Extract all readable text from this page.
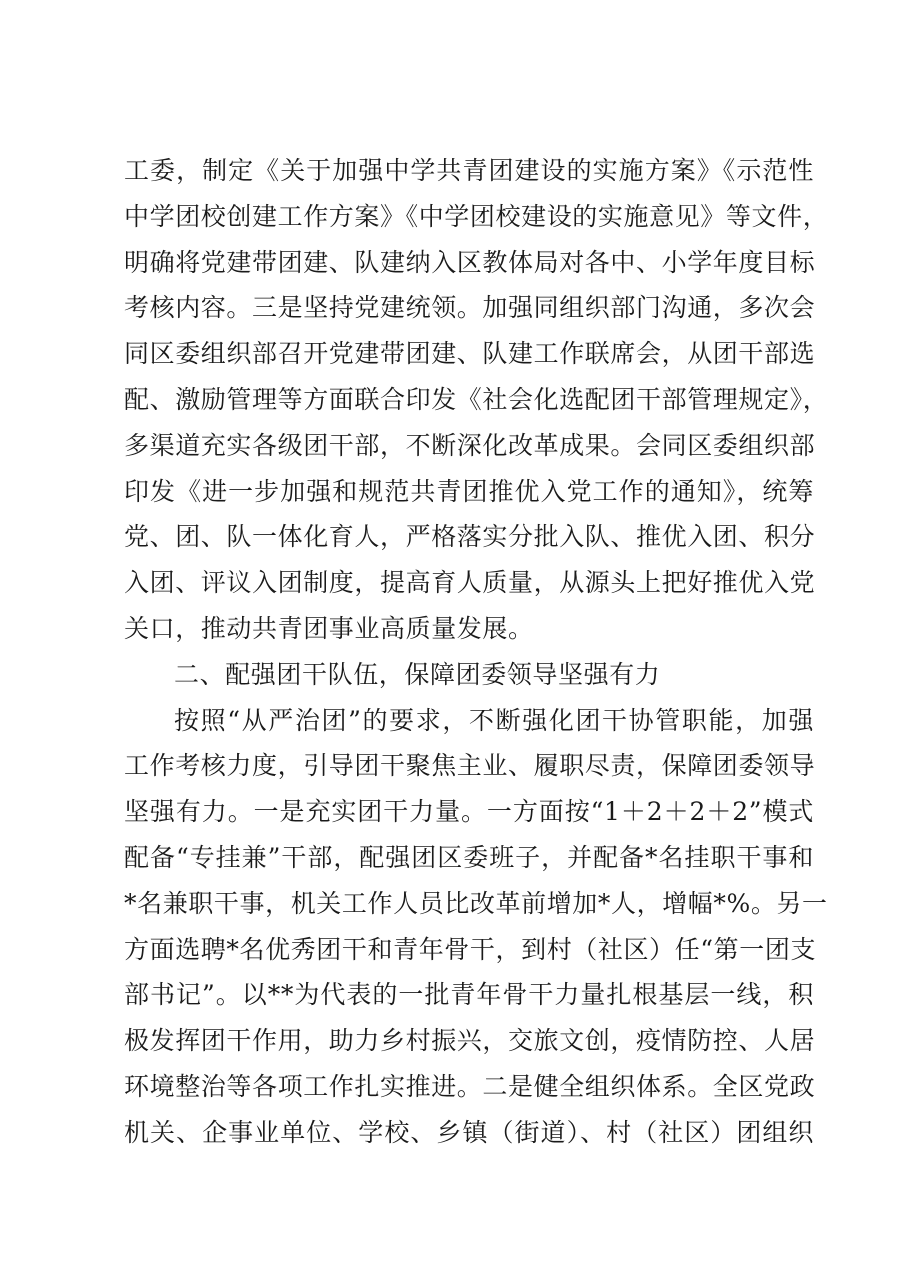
工委，制定《关于加强中学共青团建设的实施方案》《示范性
中学团校创建工作方案》《中学团校建设的实施意见》等文件，
明确将党建带团建、队建纳入区教体局对各中、小学年度目标
考核内容。三是坚持党建统领。加强同组织部门沟通，多次会
同区委组织部召开党建带团建、队建工作联席会，从团干部选
配、激励管理等方面联合印发《社会化选配团干部管理规定》，
多渠道充实各级团干部，不断深化改革成果。会同区委组织部
印发《进一步加强和规范共青团推优入党工作的通知》，统筹
党、团、队一体化育人，严格落实分批入队、推优入团、积分
入团、评议入团制度，提高育人质量，从源头上把好推优入党
关口，推动共青团事业高质量发展。
二、配强团干队伍，保障团委领导坚强有力
按照“从严治团”的要求，不断强化团干协管职能，加强
工作考核力度，引导团干聚焦主业、履职尽责，保障团委领导
坚强有力。一是充实团干力量。一方面按“1＋2＋2＋2”模式
配备“专挂兼”干部，配强团区委班子，并配备*名挂职干事和
*名兼职干事，机关工作人员比改革前增加*人，增幅*%。另一
方面选聘*名优秀团干和青年骨干，到村（社区）任“第一团支
部书记”。以**为代表的一批青年骨干力量扎根基层一线，积
极发挥团干作用，助力乡村振兴，交旅文创，疫情防控、人居
环境整治等各项工作扎实推进。二是健全组织体系。全区党政
机关、企事业单位、学校、乡镇（街道）、村（社区）团组织
